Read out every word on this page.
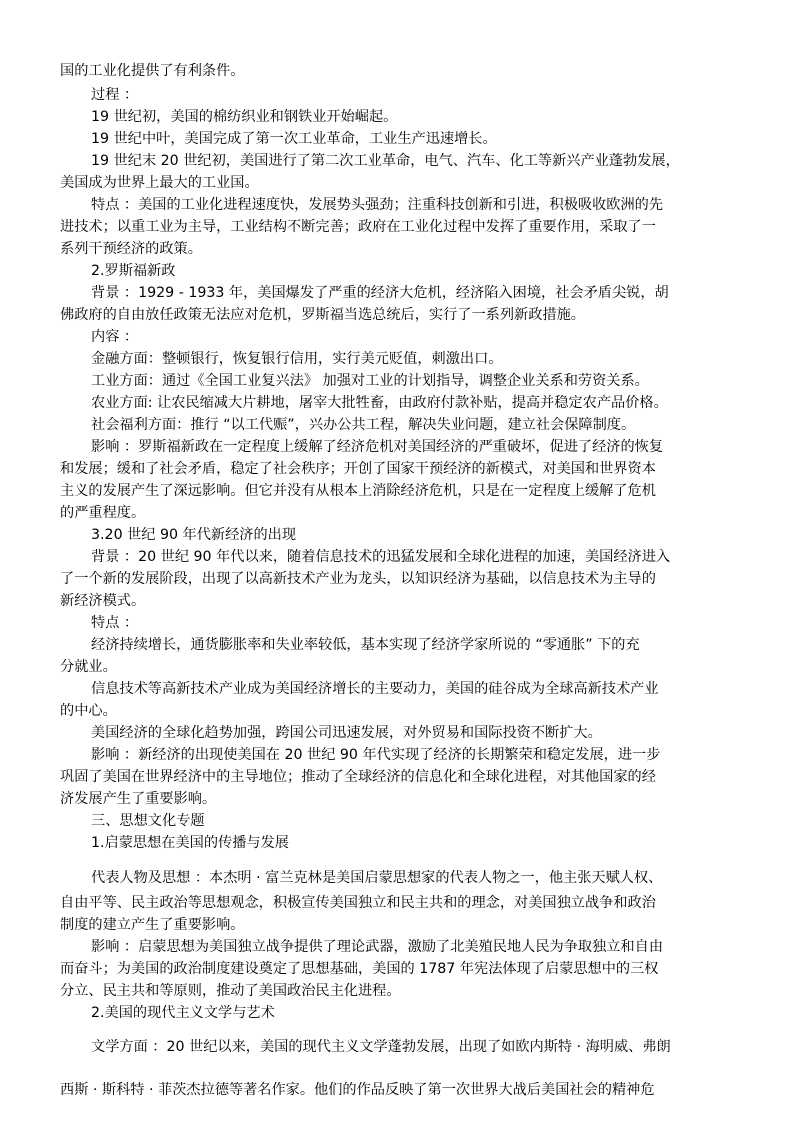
国的工业化提供了有利条件。
过程 ：
19 世纪初，美国的棉纺织业和钢铁业开始崛起。
19 世纪中叶，美国完成了第一次工业革命，工业生产迅速增长。
19 世纪末 20 世纪初，美国进行了第二次工业革命，电气、汽车、化工等新兴产业蓬勃发展，
美国成为世界上最大的工业国。
特点 ：美国的工业化进程速度快，发展势头强劲；注重科技创新和引进，积极吸收欧洲的先
进技术；以重工业为主导，工业结构不断完善；政府在工业化过程中发挥了重要作用，采取了一
系列干预经济的政策。
2.罗斯福新政
背景 ：1929 - 1933 年，美国爆发了严重的经济大危机，经济陷入困境，社会矛盾尖锐，胡
佛政府的自由放任政策无法应对危机，罗斯福当选总统后，实行了一系列新政措施。
内容 ：
金融方面：整顿银行，恢复银行信用，实行美元贬值，刺激出口。
工业方面：通过《全国工业复兴法》 加强对工业的计划指导，调整企业关系和劳资关系。
农业方面: 让农民缩减大片耕地，屠宰大批牲畜，由政府付款补贴，提高并稳定农产品价格。
社会福利方面：推行 “以工代赈”，兴办公共工程，解决失业问题，建立社会保障制度。
影响 ：罗斯福新政在一定程度上缓解了经济危机对美国经济的严重破坏，促进了经济的恢复
和发展；缓和了社会矛盾，稳定了社会秩序；开创了国家干预经济的新模式，对美国和世界资本
主义的发展产生了深远影响。但它并没有从根本上消除经济危机，只是在一定程度上缓解了危机
的严重程度。
3.20 世纪 90 年代新经济的出现
背景 ：20 世纪 90 年代以来，随着信息技术的迅猛发展和全球化进程的加速，美国经济进入
了一个新的发展阶段，出现了以高新技术产业为龙头，以知识经济为基础，以信息技术为主导的
新经济模式。
特点 ：
经济持续增长，通货膨胀率和失业率较低，基本实现了经济学家所说的 “零通胀” 下的充
分就业。
信息技术等高新技术产业成为美国经济增长的主要动力，美国的硅谷成为全球高新技术产业
的中心。
美国经济的全球化趋势加强，跨国公司迅速发展，对外贸易和国际投资不断扩大。
影响 ：新经济的出现使美国在 20 世纪 90 年代实现了经济的长期繁荣和稳定发展，进一步
巩固了美国在世界经济中的主导地位；推动了全球经济的信息化和全球化进程，对其他国家的经
济发展产生了重要影响。
三、思想文化专题
1.启蒙思想在美国的传播与发展
代表人物及思想 ：本杰明 · 富兰克林是美国启蒙思想家的代表人物之一，他主张天赋人权、
自由平等、民主政治等思想观念，积极宣传美国独立和民主共和的理念，对美国独立战争和政治
制度的建立产生了重要影响。
影响 ：启蒙思想为美国独立战争提供了理论武器，激励了北美殖民地人民为争取独立和自由
而奋斗；为美国的政治制度建设奠定了思想基础，美国的 1787 年宪法体现了启蒙思想中的三权
分立、民主共和等原则，推动了美国政治民主化进程。
2.美国的现代主义文学与艺术
文学方面 ：20 世纪以来，美国的现代主义文学蓬勃发展，出现了如欧内斯特 · 海明威、弗朗
西斯 · 斯科特 · 菲茨杰拉德等著名作家。他们的作品反映了第一次世界大战后美国社会的精神危
